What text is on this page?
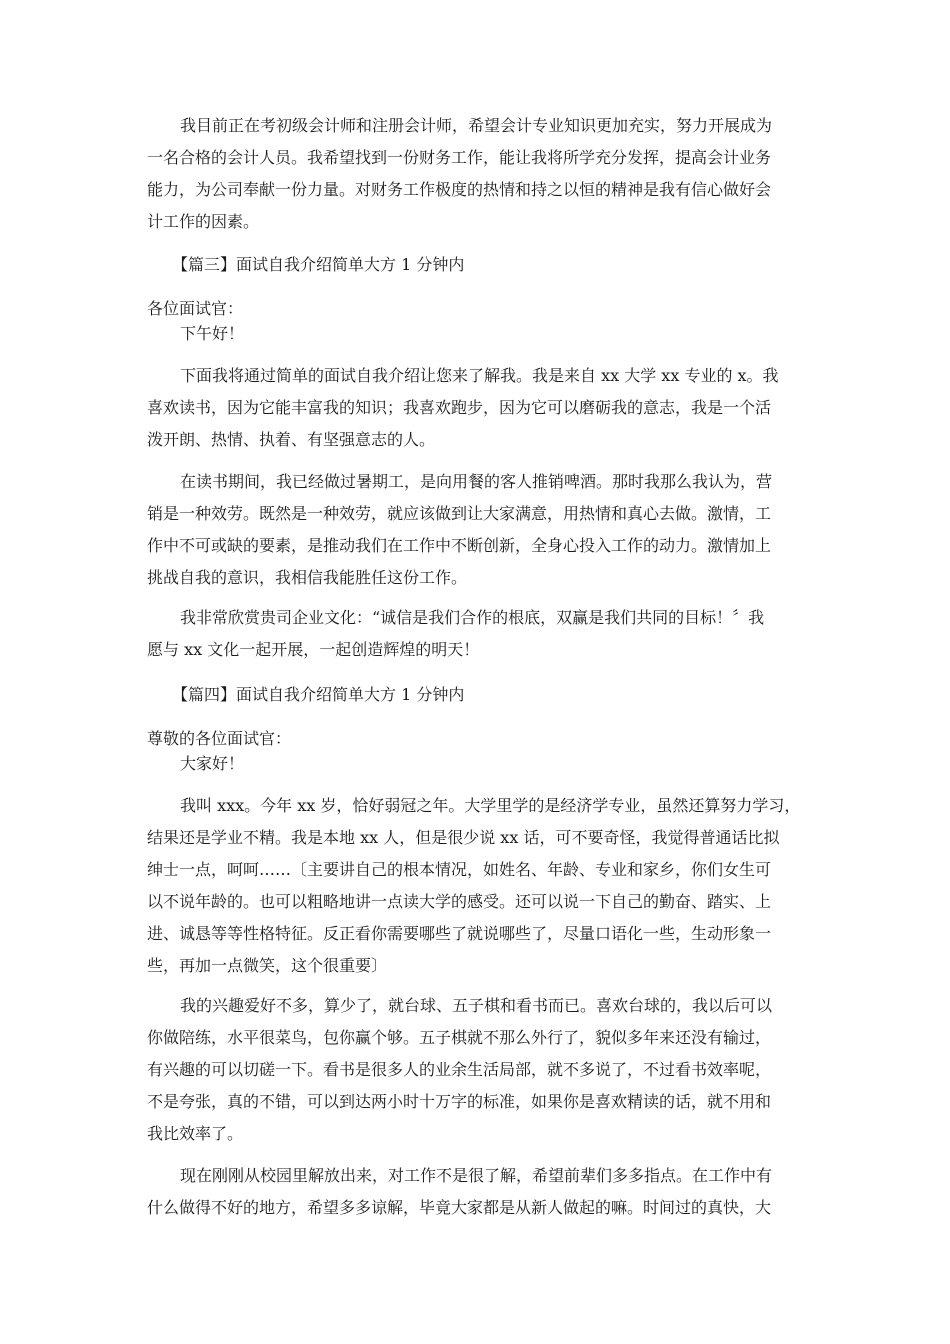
我目前正在考初级会计师和注册会计师，希望会计专业知识更加充实，努力开展成为
一名合格的会计人员。我希望找到一份财务工作，能让我将所学充分发挥，提高会计业务
能力，为公司奉献一份力量。对财务工作极度的热情和持之以恒的精神是我有信心做好会
计工作的因素。
【篇三】面试自我介绍简单大方 1 分钟内
各位面试官：
下午好！
下面我将通过简单的面试自我介绍让您来了解我。我是来自 xx 大学 xx 专业的 x。我
喜欢读书，因为它能丰富我的知识；我喜欢跑步，因为它可以磨砺我的意志，我是一个活
泼开朗、热情、执着、有坚强意志的人。
在读书期间，我已经做过暑期工，是向用餐的客人推销啤酒。那时我那么我认为，营
销是一种效劳。既然是一种效劳，就应该做到让大家满意，用热情和真心去做。激情，工
作中不可或缺的要素，是推动我们在工作中不断创新，全身心投入工作的动力。激情加上
挑战自我的意识，我相信我能胜任这份工作。
我非常欣赏贵司企业文化：“诚信是我们合作的根底，双赢是我们共同的目标！〞我
愿与 xx 文化一起开展，一起创造辉煌的明天！
【篇四】面试自我介绍简单大方 1 分钟内
尊敬的各位面试官：
大家好！
我叫 xxx。今年 xx 岁，恰好弱冠之年。大学里学的是经济学专业，虽然还算努力学习，
结果还是学业不精。我是本地 xx 人，但是很少说 xx 话，可不要奇怪，我觉得普通话比拟
绅士一点，呵呵……〔主要讲自己的根本情况，如姓名、年龄、专业和家乡，你们女生可
以不说年龄的。也可以粗略地讲一点读大学的感受。还可以说一下自己的勤奋、踏实、上
进、诚恳等等性格特征。反正看你需要哪些了就说哪些了，尽量口语化一些，生动形象一
些，再加一点微笑，这个很重要〕
我的兴趣爱好不多，算少了，就台球、五子棋和看书而已。喜欢台球的，我以后可以
你做陪练，水平很菜鸟，包你赢个够。五子棋就不那么外行了，貌似多年来还没有输过，
有兴趣的可以切磋一下。看书是很多人的业余生活局部，就不多说了，不过看书效率呢，
不是夸张，真的不错，可以到达两小时十万字的标准，如果你是喜欢精读的话，就不用和
我比效率了。
现在刚刚从校园里解放出来，对工作不是很了解，希望前辈们多多指点。在工作中有
什么做得不好的地方，希望多多谅解，毕竟大家都是从新人做起的嘛。时间过的真快，大
